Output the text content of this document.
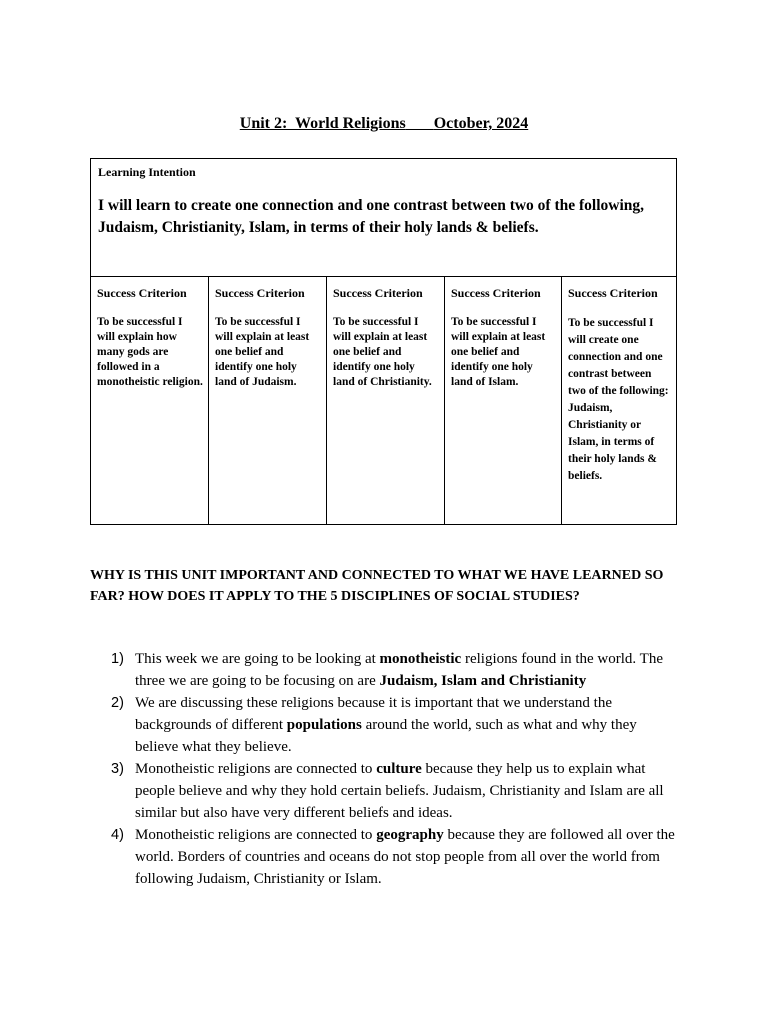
Unit 2:  World Religions October, 2024
Learning Intention
I will learn to create one connection and one contrast between two of the following, Judaism, Christianity, Islam, in terms of their holy lands & beliefs.
Success Criterion
To be successful I will explain how many gods are followed in a monotheistic religion.
Success Criterion
To be successful I will explain at least one belief and identify one holy land of Judaism.
Success Criterion
To be successful I will explain at least one belief and identify one holy land of Christianity.
Success Criterion
To be successful I will explain at least one belief and identify one holy land of Islam.
Success Criterion
To be successful I will create one connection and one contrast between two of the following: Judaism, Christianity or Islam, in terms of their holy lands & beliefs.
WHY IS THIS UNIT IMPORTANT AND CONNECTED TO WHAT WE HAVE LEARNED SO FAR? HOW DOES IT APPLY TO THE 5 DISCIPLINES OF SOCIAL STUDIES?
1) This week we are going to be looking at monotheistic religions found in the world. The three we are going to be focusing on are Judaism, Islam and Christianity
2) We are discussing these religions because it is important that we understand the backgrounds of different populations around the world, such as what and why they believe what they believe.
3) Monotheistic religions are connected to culture because they help us to explain what people believe and why they hold certain beliefs. Judaism, Christianity and Islam are all similar but also have very different beliefs and ideas.
4) Monotheistic religions are connected to geography because they are followed all over the world. Borders of countries and oceans do not stop people from all over the world from following Judaism, Christianity or Islam.
